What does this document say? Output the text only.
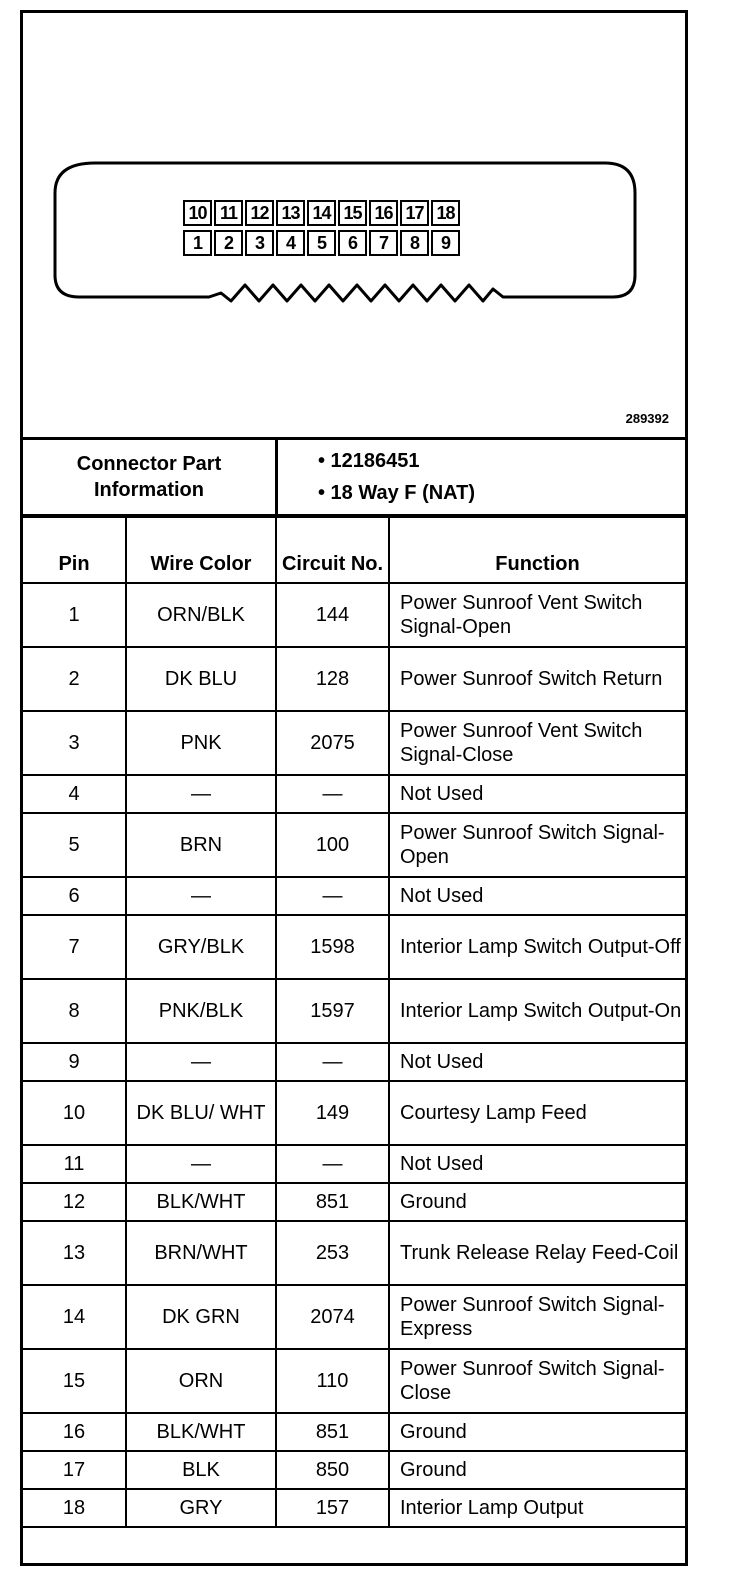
10 11 12 13 14 15 16 17 18
1	2	3	4	5	6	7	8	9
289392
Connector Part Information
• 12186451
• 18 Way F (NAT)
Pin	Wire Color	Circuit No.	Function
1	ORN/BLK	144	Power Sunroof Vent Switch Signal-Open
2	DK BLU	128	Power Sunroof Switch Return
3	PNK	2075	Power Sunroof Vent Switch Signal-Close
4	—	—	Not Used
5	BRN	100	Power Sunroof Switch Signal-Open
6	—	—	Not Used
7	GRY/BLK	1598	Interior Lamp Switch Output-Off
8	PNK/BLK	1597	Interior Lamp Switch Output-On
9	—	—	Not Used
10	DK BLU/ WHT	149	Courtesy Lamp Feed
11	—	—	Not Used
12	BLK/WHT	851	Ground
13	BRN/WHT	253	Trunk Release Relay Feed-Coil
14	DK GRN	2074	Power Sunroof Switch Signal- Express
15	ORN	110	Power Sunroof Switch Signal-Close
16	BLK/WHT	851	Ground
17	BLK	850	Ground
18	GRY	157	Interior Lamp Output
